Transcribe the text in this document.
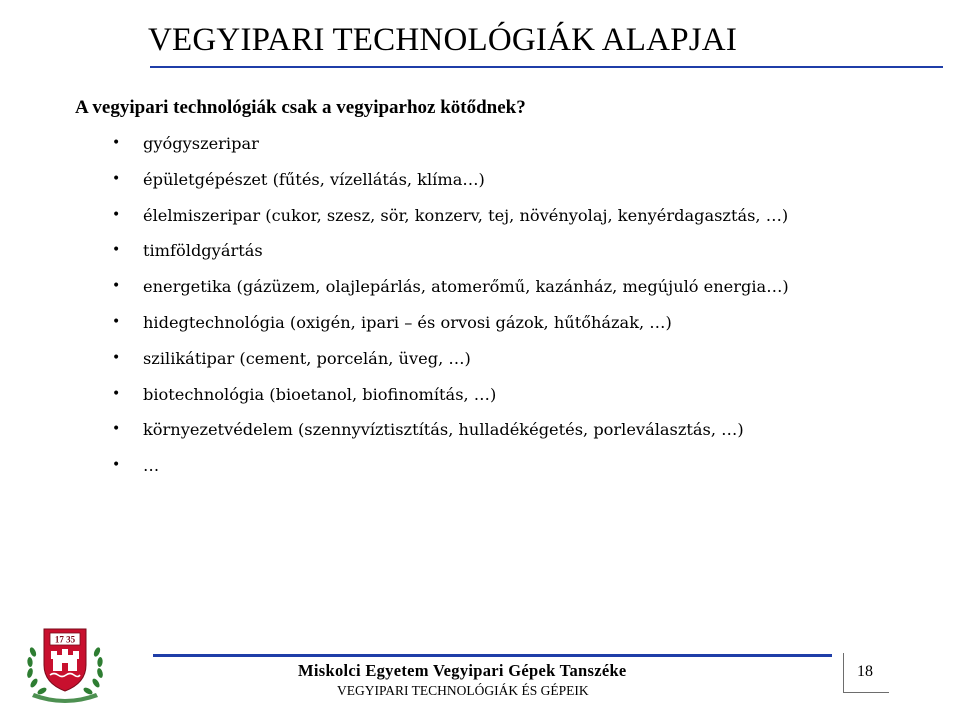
VEGYIPARI TECHNOLÓGIÁK ALAPJAI
A vegyipari technológiák csak a vegyiparhoz kötődnek?
•	gyógyszeripar
•	épületgépészet (fűtés, vízellátás, klíma…)
•	élelmiszeripar (cukor, szesz, sör, konzerv, tej, növényolaj, kenyérdagasztás, …)
•	timföldgyártás
•	energetika (gázüzem, olajlepárlás, atomerőmű, kazánház, megújuló energia…)
•	hidegtechnológia (oxigén, ipari – és orvosi gázok, hűtőházak, …)
•	szilikátipar (cement, porcelán, üveg, …)
•	biotechnológia (bioetanol, biofinomítás, …)
•	környezetvédelem (szennyvíztisztítás, hulladékégetés, porleválasztás, …)
•	…
17 35
Miskolci Egyetem Vegyipari Gépek Tanszéke
VEGYIPARI TECHNOLÓGIÁK ÉS GÉPEIK
18
